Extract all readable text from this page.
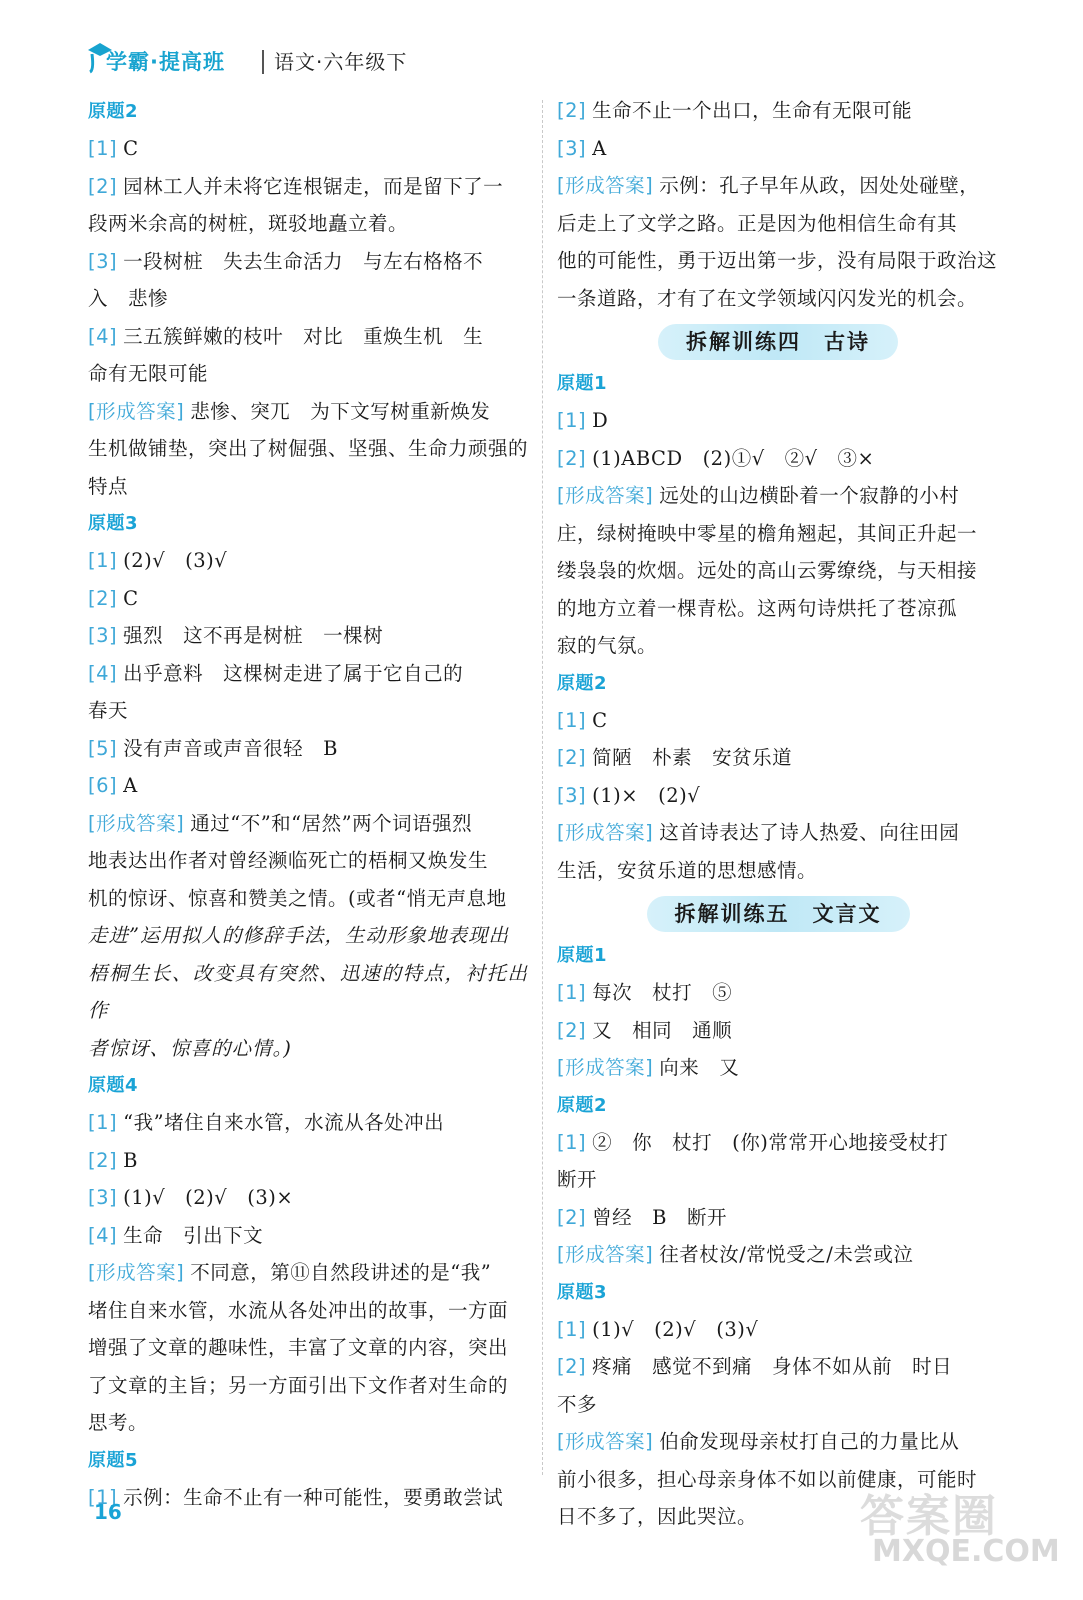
学霸·提高班 语文·六年级下
原题2
[1] C
[2] 园林工人并未将它连根锯走，而是留下了一
段两米余高的树桩，斑驳地矗立着。
[3] 一段树桩　失去生命活力　与左右格格不
入　悲惨
[4] 三五簇鲜嫩的枝叶　对比　重焕生机　生
命有无限可能
[形成答案] 悲惨、突兀　为下文写树重新焕发
生机做铺垫，突出了树倔强、坚强、生命力顽强的
特点
原题3
[1] (2)√　(3)√
[2] C
[3] 强烈　这不再是树桩　一棵树
[4] 出乎意料　这棵树走进了属于它自己的
春天
[5] 没有声音或声音很轻　B
[6] A
[形成答案] 通过“不”和“居然”两个词语强烈
地表达出作者对曾经濒临死亡的梧桐又焕发生
机的惊讶、惊喜和赞美之情。(或者“悄无声息地
走进”运用拟人的修辞手法，生动形象地表现出
梧桐生长、改变具有突然、迅速的特点，衬托出作
者惊讶、惊喜的心情。)
原题4
[1] “我”堵住自来水管，水流从各处冲出
[2] B
[3] (1)√　(2)√　(3)×
[4] 生命　引出下文
[形成答案] 不同意，第⑪自然段讲述的是“我”
堵住自来水管，水流从各处冲出的故事，一方面
增强了文章的趣味性，丰富了文章的内容，突出
了文章的主旨；另一方面引出下文作者对生命的
思考。
原题5
[1] 示例：生命不止有一种可能性，要勇敢尝试
[2] 生命不止一个出口，生命有无限可能
[3] A
[形成答案] 示例：孔子早年从政，因处处碰壁，
后走上了文学之路。正是因为他相信生命有其
他的可能性，勇于迈出第一步，没有局限于政治这
一条道路，才有了在文学领域闪闪发光的机会。
拆解训练四　古诗
原题1
[1] D
[2] (1)ABCD　(2)①√　②√　③×
[形成答案] 远处的山边横卧着一个寂静的小村
庄，绿树掩映中零星的檐角翘起，其间正升起一
缕袅袅的炊烟。远处的高山云雾缭绕，与天相接
的地方立着一棵青松。这两句诗烘托了苍凉孤
寂的气氛。
原题2
[1] C
[2] 简陋　朴素　安贫乐道
[3] (1)×　(2)√
[形成答案] 这首诗表达了诗人热爱、向往田园
生活，安贫乐道的思想感情。
拆解训练五　文言文
原题1
[1] 每次　杖打　⑤
[2] 又　相同　通顺
[形成答案] 向来　又
原题2
[1] ②　你　杖打　(你)常常开心地接受杖打
断开
[2] 曾经　B　断开
[形成答案] 往者杖汝/常悦受之/未尝或泣
原题3
[1] (1)√　(2)√　(3)√
[2] 疼痛　感觉不到痛　身体不如从前　时日
不多
[形成答案] 伯俞发现母亲杖打自己的力量比从
前小很多，担心母亲身体不如以前健康，可能时
日不多了，因此哭泣。
16	答案圈
MXQE.COM
